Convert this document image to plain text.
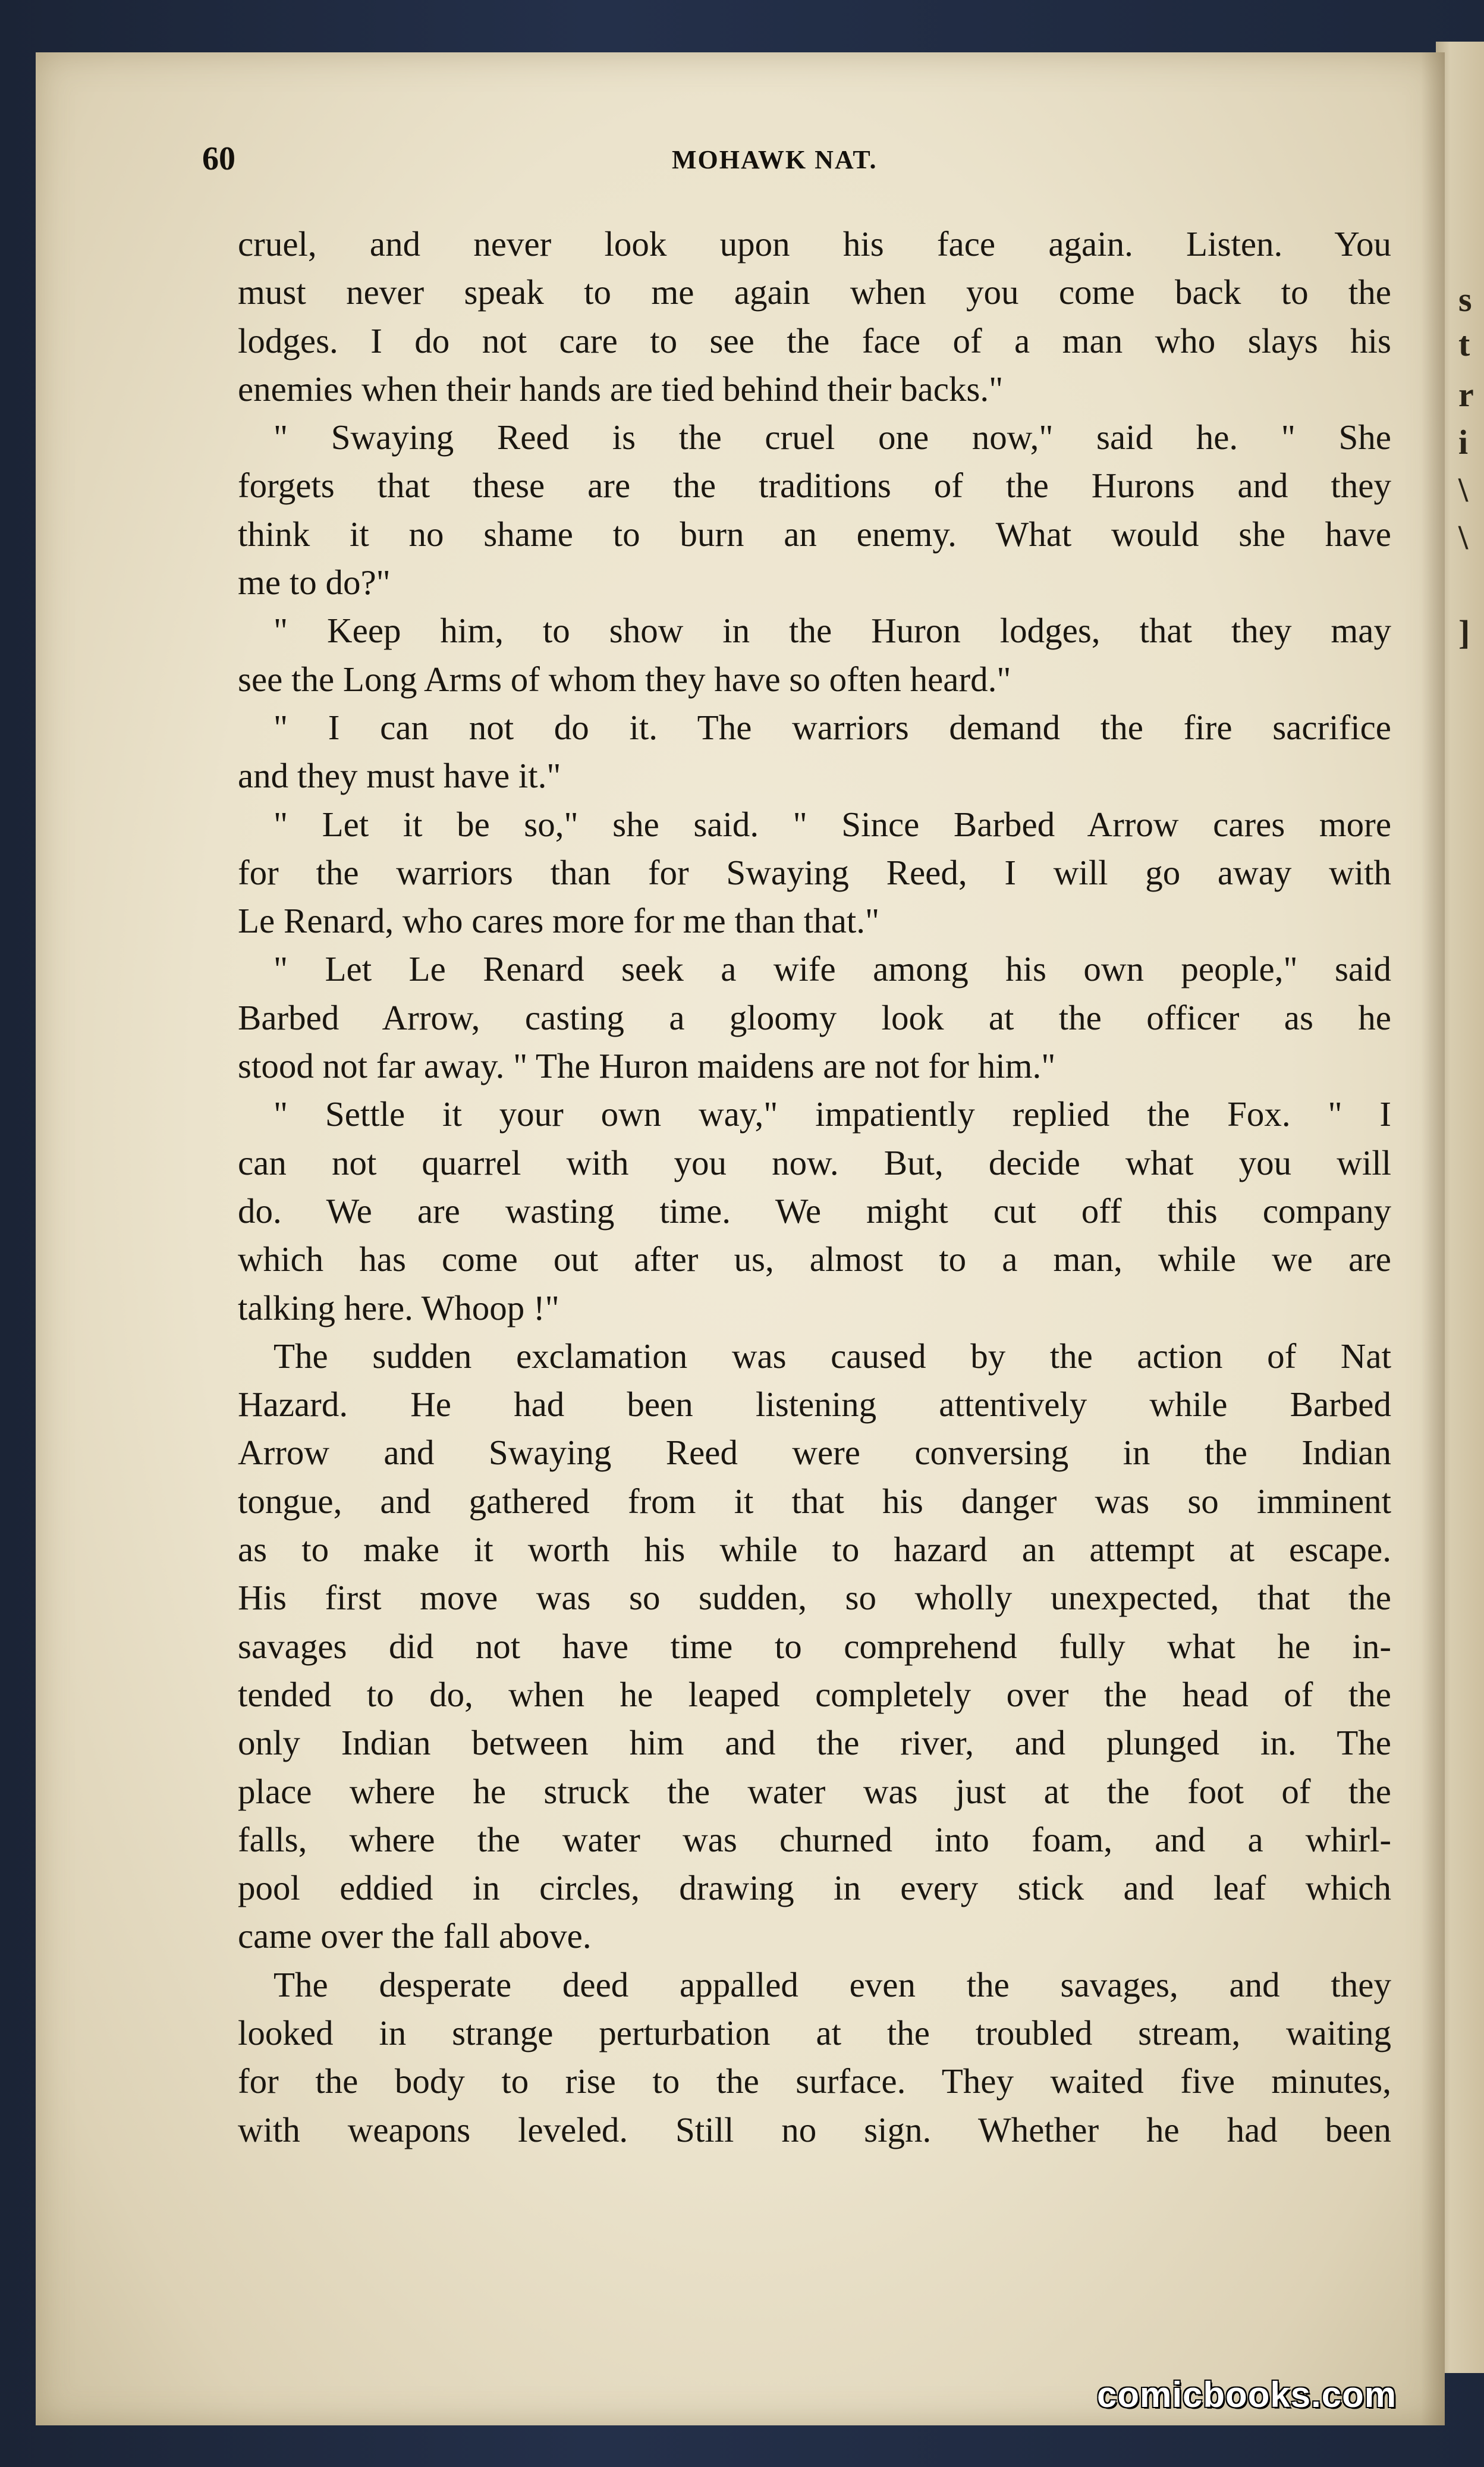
s
t
r
i
\
\
]
60	MOHAWK NAT.
cruel, and never look upon his face again. Listen. You
must never speak to me again when you come back to the
lodges. I do not care to see the face of a man who slays his
enemies when their hands are tied behind their backs."
" Swaying Reed is the cruel one now," said he. " She
forgets that these are the traditions of the Hurons and they
think it no shame to burn an enemy. What would she have
me to do?"
" Keep him, to show in the Huron lodges, that they may
see the Long Arms of whom they have so often heard."
" I can not do it. The warriors demand the fire sacrifice
and they must have it."
" Let it be so," she said. " Since Barbed Arrow cares more
for the warriors than for Swaying Reed, I will go away with
Le Renard, who cares more for me than that."
" Let Le Renard seek a wife among his own people," said
Barbed Arrow, casting a gloomy look at the officer as he
stood not far away. " The Huron maidens are not for him."
" Settle it your own way," impatiently replied the Fox. " I
can not quarrel with you now. But, decide what you will
do. We are wasting time. We might cut off this company
which has come out after us, almost to a man, while we are
talking here. Whoop !"
The sudden exclamation was caused by the action of Nat
Hazard. He had been listening attentively while Barbed
Arrow and Swaying Reed were conversing in the Indian
tongue, and gathered from it that his danger was so imminent
as to make it worth his while to hazard an attempt at escape.
His first move was so sudden, so wholly unexpected, that the
savages did not have time to comprehend fully what he in-
tended to do, when he leaped completely over the head of the
only Indian between him and the river, and plunged in. The
place where he struck the water was just at the foot of the
falls, where the water was churned into foam, and a whirl-
pool eddied in circles, drawing in every stick and leaf which
came over the fall above.
The desperate deed appalled even the savages, and they
looked in strange perturbation at the troubled stream, waiting
for the body to rise to the surface. They waited five minutes,
with weapons leveled. Still no sign. Whether he had been
comicbooks.com
